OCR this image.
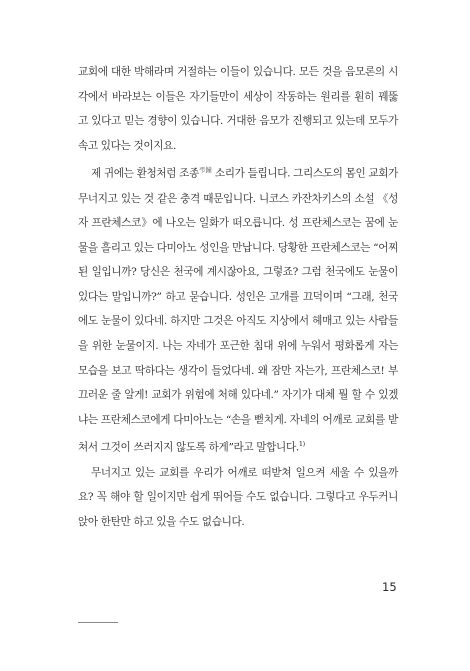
교회에 대한 박해라며 거절하는 이들이 있습니다. 모든 것을 음모론의 시각에서 바라보는 이들은 자기들만이 세상이 작동하는 원리를 훤히 꿰뚫고 있다고 믿는 경향이 있습니다. 거대한 음모가 진행되고 있는데 모두가 속고 있다는 것이지요.

제 귀에는 환청처럼 조종$^{弔鐘}$ 소리가 들립니다. 그리스도의 몸인 교회가 무너지고 있는 것 같은 충격 때문입니다. 니코스 카잔차키스의 소설 《성자 프란체스코》에 나오는 일화가 떠오릅니다. 성 프란체스코는 꿈에 눈물을 흘리고 있는 다미아노 성인을 만납니다. 당황한 프란체스코는 “어찌 된 일입니까? 당신은 천국에 계시잖아요, 그렇죠? 그럼 천국에도 눈물이 있다는 말입니까?” 하고 묻습니다. 성인은 고개를 끄덕이며 “그래, 천국에도 눈물이 있다네. 하지만 그것은 아직도 지상에서 헤매고 있는 사람들을 위한 눈물이지. 나는 자네가 포근한 침대 위에 누워서 평화롭게 자는 모습을 보고 딱하다는 생각이 들었다네. 왜 잠만 자는가, 프란체스코! 부끄러운 줄 알게! 교회가 위험에 처해 있다네.” 자기가 대체 뭘 할 수 있겠냐는 프란체스코에게 다미아노는 “손을 뻗치게. 자네의 어깨로 교회를 받쳐서 그것이 쓰러지지 않도록 하게”라고 말합니다.$^{1)}$

무너지고 있는 교회를 우리가 어깨로 떠받쳐 일으켜 세울 수 있을까요? 꼭 해야 할 일이지만 쉽게 뛰어들 수도 없습니다. 그렇다고 우두커니 앉아 한탄만 하고 있을 수도 없습니다.

15
